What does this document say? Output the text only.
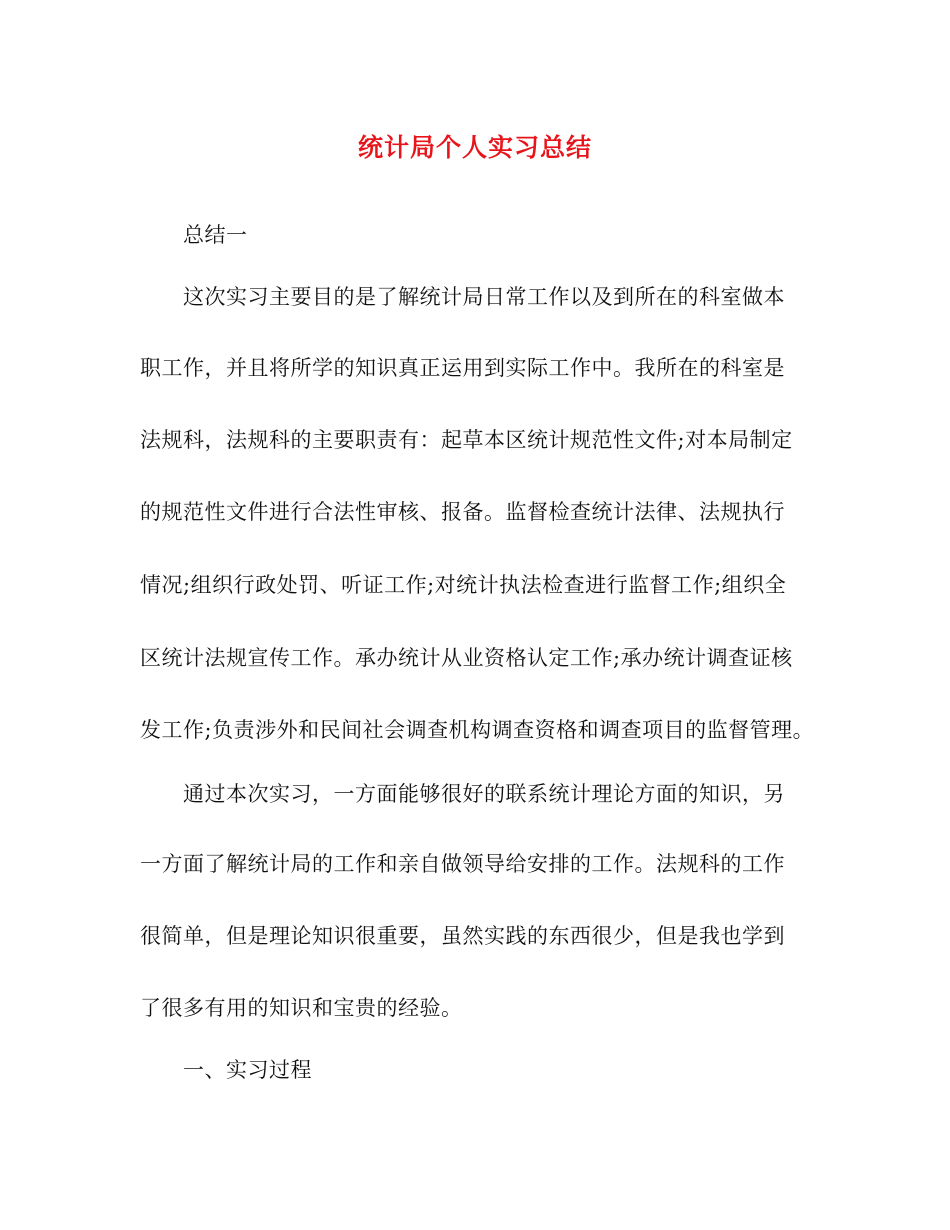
统计局个人实习总结
总结一
这次实习主要目的是了解统计局日常工作以及到所在的科室做本
职工作，并且将所学的知识真正运用到实际工作中。我所在的科室是
法规科，法规科的主要职责有：起草本区统计规范性文件;对本局制定
的规范性文件进行合法性审核、报备。监督检查统计法律、法规执行
情况;组织行政处罚、听证工作;对统计执法检查进行监督工作;组织全
区统计法规宣传工作。承办统计从业资格认定工作;承办统计调查证核
发工作;负责涉外和民间社会调查机构调查资格和调查项目的监督管理。
通过本次实习，一方面能够很好的联系统计理论方面的知识，另
一方面了解统计局的工作和亲自做领导给安排的工作。法规科的工作
很简单，但是理论知识很重要，虽然实践的东西很少，但是我也学到
了很多有用的知识和宝贵的经验。
一、实习过程
